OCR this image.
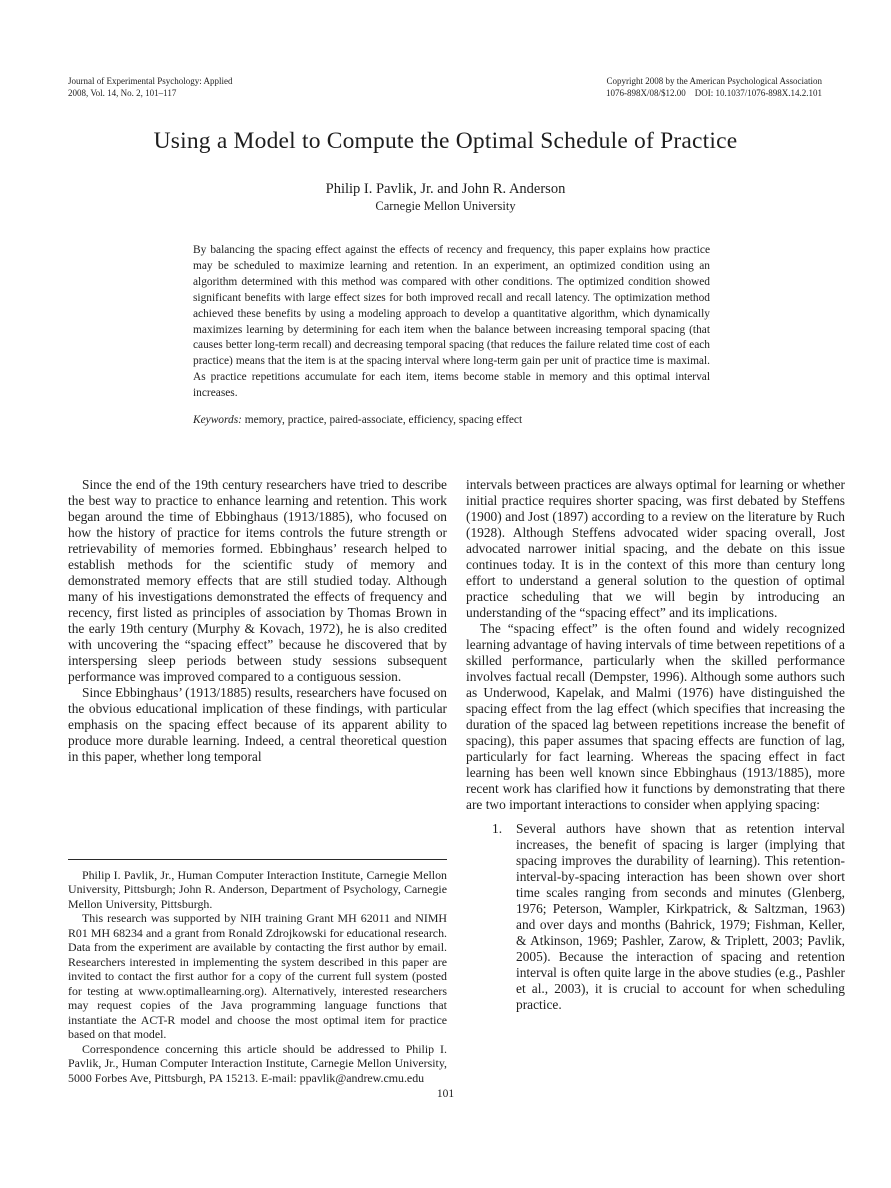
Journal of Experimental Psychology: Applied
2008, Vol. 14, No. 2, 101–117
Copyright 2008 by the American Psychological Association
1076-898X/08/$12.00  DOI: 10.1037/1076-898X.14.2.101
Using a Model to Compute the Optimal Schedule of Practice
Philip I. Pavlik, Jr. and John R. Anderson
Carnegie Mellon University

By balancing the spacing effect against the effects of recency and frequency, this paper explains how practice may be scheduled to maximize learning and retention. In an experiment, an optimized condition using an algorithm determined with this method was compared with other conditions. The optimized condition showed significant benefits with large effect sizes for both improved recall and recall latency. The optimization method achieved these benefits by using a modeling approach to develop a quantitative algorithm, which dynamically maximizes learning by determining for each item when the balance between increasing temporal spacing (that causes better long-term recall) and decreasing temporal spacing (that reduces the failure related time cost of each practice) means that the item is at the spacing interval where long-term gain per unit of practice time is maximal. As practice repetitions accumulate for each item, items become stable in memory and this optimal interval increases.

Keywords: memory, practice, paired-associate, efficiency, spacing effect

Since the end of the 19th century researchers have tried to describe the best way to practice to enhance learning and retention. This work began around the time of Ebbinghaus (1913/1885), who focused on how the history of practice for items controls the future strength or retrievability of memories formed. Ebbinghaus’ research helped to establish methods for the scientific study of memory and demonstrated memory effects that are still studied today. Although many of his investigations demonstrated the effects of frequency and recency, first listed as principles of association by Thomas Brown in the early 19th century (Murphy & Kovach, 1972), he is also credited with uncovering the “spacing effect” because he discovered that by interspersing sleep periods between study sessions subsequent performance was improved compared to a contiguous session.

Since Ebbinghaus’ (1913/1885) results, researchers have focused on the obvious educational implication of these findings, with particular emphasis on the spacing effect because of its apparent ability to produce more durable learning. Indeed, a central theoretical question in this paper, whether long temporal

Philip I. Pavlik, Jr., Human Computer Interaction Institute, Carnegie Mellon University, Pittsburgh; John R. Anderson, Department of Psychology, Carnegie Mellon University, Pittsburgh.

This research was supported by NIH training Grant MH 62011 and NIMH R01 MH 68234 and a grant from Ronald Zdrojkowski for educational research. Data from the experiment are available by contacting the first author by email. Researchers interested in implementing the system described in this paper are invited to contact the first author for a copy of the current full system (posted for testing at www.optimallearning.org). Alternatively, interested researchers may request copies of the Java programming language functions that instantiate the ACT-R model and choose the most optimal item for practice based on that model.

Correspondence concerning this article should be addressed to Philip I. Pavlik, Jr., Human Computer Interaction Institute, Carnegie Mellon University, 5000 Forbes Ave, Pittsburgh, PA 15213. E-mail: ppavlik@andrew.cmu.edu

intervals between practices are always optimal for learning or whether initial practice requires shorter spacing, was first debated by Steffens (1900) and Jost (1897) according to a review on the literature by Ruch (1928). Although Steffens advocated wider spacing overall, Jost advocated narrower initial spacing, and the debate on this issue continues today. It is in the context of this more than century long effort to understand a general solution to the question of optimal practice scheduling that we will begin by introducing an understanding of the “spacing effect” and its implications.

The “spacing effect” is the often found and widely recognized learning advantage of having intervals of time between repetitions of a skilled performance, particularly when the skilled performance involves factual recall (Dempster, 1996). Although some authors such as Underwood, Kapelak, and Malmi (1976) have distinguished the spacing effect from the lag effect (which specifies that increasing the duration of the spaced lag between repetitions increase the benefit of spacing), this paper assumes that spacing effects are function of lag, particularly for fact learning. Whereas the spacing effect in fact learning has been well known since Ebbinghaus (1913/1885), more recent work has clarified how it functions by demonstrating that there are two important interactions to consider when applying spacing:

1.	Several authors have shown that as retention interval increases, the benefit of spacing is larger (implying that spacing improves the durability of learning). This retention-interval-by-spacing interaction has been shown over short time scales ranging from seconds and minutes (Glenberg, 1976; Peterson, Wampler, Kirkpatrick, & Saltzman, 1963) and over days and months (Bahrick, 1979; Fishman, Keller, & Atkinson, 1969; Pashler, Zarow, & Triplett, 2003; Pavlik, 2005). Because the interaction of spacing and retention interval is often quite large in the above studies (e.g., Pashler et al., 2003), it is crucial to account for when scheduling practice.
101
